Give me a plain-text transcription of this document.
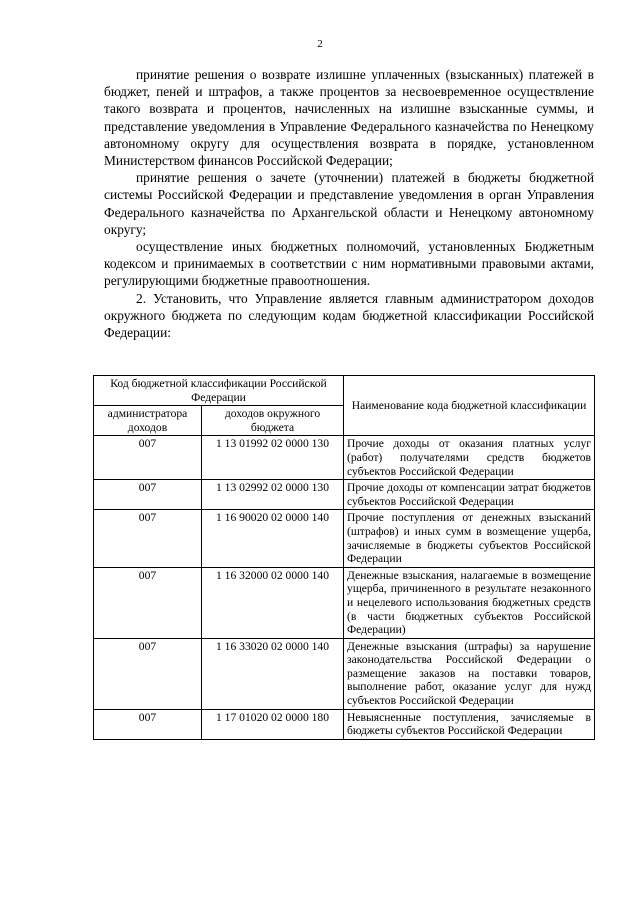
2

принятие решения о возврате излишне уплаченных (взысканных) платежей в бюджет, пеней и штрафов, а также процентов за несвоевременное осуществление такого возврата и процентов, начисленных на излишне взысканные суммы, и представление уведомления в Управление Федерального казначейства по Ненецкому автономному округу для осуществления возврата в порядке, установленном Министерством финансов Российской Федерации;

принятие решения о зачете (уточнении) платежей в бюджеты бюджетной системы Российской Федерации и представление уведомления в орган Управления Федерального казначейства по Архангельской области и Ненецкому автономному округу;

осуществление иных бюджетных полномочий, установленных Бюджетным кодексом и принимаемых в соответствии с ним нормативными правовыми актами, регулирующими бюджетные правоотношения.

2. Установить, что Управление является главным администратором доходов окружного бюджета по следующим кодам бюджетной классификации Российской Федерации:

Код бюджетной классификации Российской Федерации		Наименование кода бюджетной классификации
администратора доходов	доходов окружного бюджета	
007	1 13 01992 02 0000 130	Прочие доходы от оказания платных услуг (работ) получателями средств бюджетов субъектов Российской Федерации
007	1 13 02992 02 0000 130	Прочие доходы от компенсации затрат бюджетов субъектов Российской Федерации
007	1 16 90020 02 0000 140	Прочие поступления от денежных взысканий (штрафов) и иных сумм в возмещение ущерба, зачисляемые в бюджеты субъектов Российской Федерации
007	1 16 32000 02 0000 140	Денежные взыскания, налагаемые в возмещение ущерба, причиненного в результате незаконного и нецелевого использования бюджетных средств (в части бюджетных субъектов Российской Федерации)
007	1 16 33020 02 0000 140	Денежные взыскания (штрафы) за нарушение законодательства Российской Федерации о размещение заказов на поставки товаров, выполнение работ, оказание услуг для нужд субъектов Российской Федерации
007	1 17 01020 02 0000 180	Невыясненные поступления, зачисляемые в бюджеты субъектов Российской Федерации
